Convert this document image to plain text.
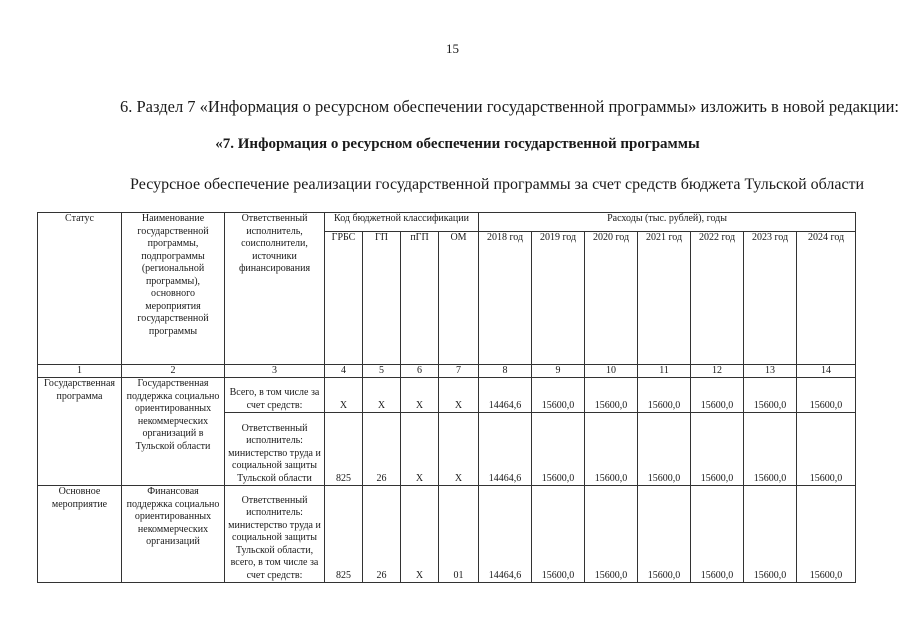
15
6. Раздел 7 «Информация о ресурсном обеспечении государственной программы» изложить в новой редакции:
«7. Информация о ресурсном обеспечении государственной программы
Ресурсное обеспечение реализации государственной программы за счет средств бюджета Тульской области
Статус	Наименование государственной программы, подпрограммы (региональной программы), основного мероприятия государственной программы	Ответственный исполнитель, соисполнители, источники финансирования	Код бюджетной классификации				Расходы (тыс. рублей), годы						
			ГРБС	ГП	пГП	ОМ	2018 год	2019 год	2020 год	2021 год	2022 год	2023 год	2024 год
1	2	3	4	5	6	7	8	9	10	11	12	13	14
Государственная программа	Государственная поддержка социально ориентированных некоммерческих организаций в Тульской области	Всего, в том числе за счет средств:	Х	Х	Х	Х	14464,6	15600,0	15600,0	15600,0	15600,0	15600,0	15600,0
		Ответственный исполнитель: министерство труда и социальной защиты Тульской области	825	26	Х	Х	14464,6	15600,0	15600,0	15600,0	15600,0	15600,0	15600,0
Основное мероприятие	Финансовая поддержка социально ориентированных некоммерческих организаций	Ответственный исполнитель: министерство труда и социальной защиты Тульской области, всего, в том числе за счет средств:	825	26	Х	01	14464,6	15600,0	15600,0	15600,0	15600,0	15600,0	15600,0
